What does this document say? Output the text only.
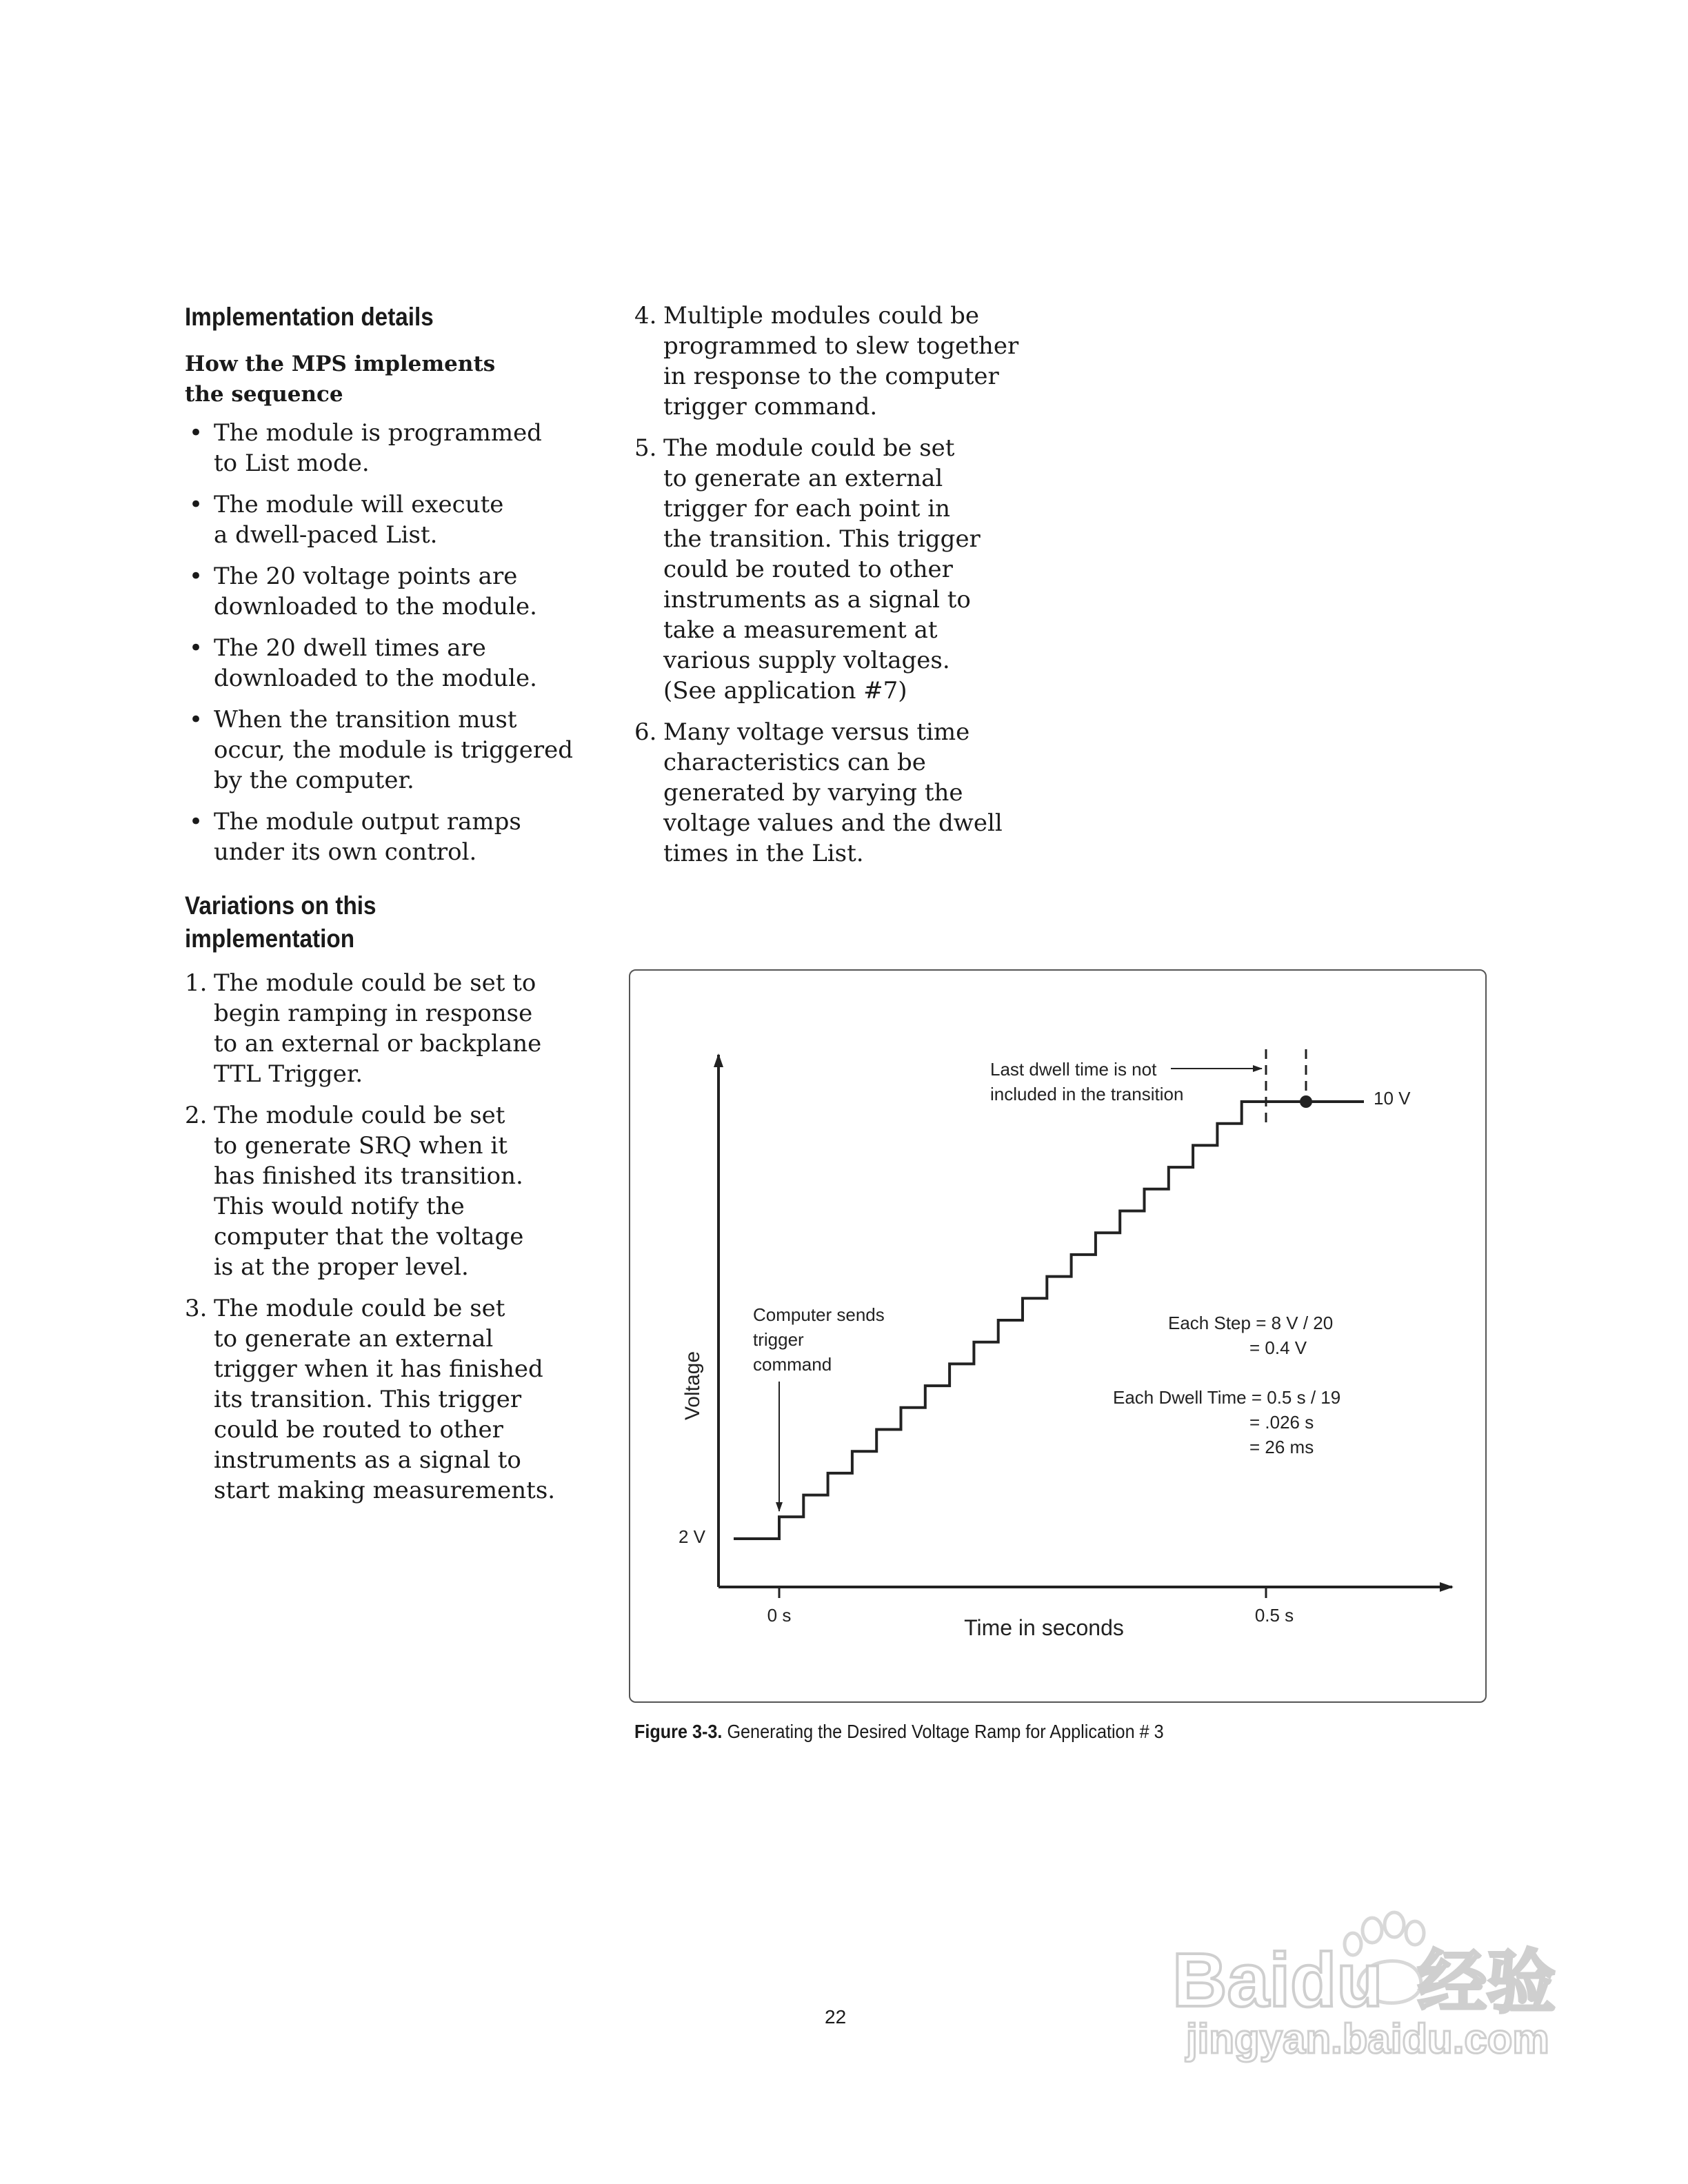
Implementation details
How the MPS implements
the sequence
• The module is programmed
to List mode.
• The module will execute
a dwell-paced List.
• The 20 voltage points are
downloaded to the module.
• The 20 dwell times are
downloaded to the module.
• When the transition must
occur, the module is triggered
by the computer.
• The module output ramps
under its own control.
Variations on this
implementation
1. The module could be set to
begin ramping in response
to an external or backplane
TTL Trigger.
2. The module could be set
to generate SRQ when it
has finished its transition.
This would notify the
computer that the voltage
is at the proper level.
3. The module could be set
to generate an external
trigger when it has finished
its transition. This trigger
could be routed to other
instruments as a signal to
start making measurements.
4. Multiple modules could be
programmed to slew together
in response to the computer
trigger command.
5. The module could be set
to generate an external
trigger for each point in
the transition. This trigger
could be routed to other
instruments as a signal to
take a measurement at
various supply voltages.
(See application #7)
6. Many voltage versus time
characteristics can be
generated by varying the
voltage values and the dwell
times in the List.
Voltage
Time in seconds
2 V
10 V
0 s	0.5 s
Computer sends trigger command
Last dwell time is not included in the transition
Each Step = 8 V / 20 = 0.4 V
Each Dwell Time = 0.5 s / 19 = .026 s = 26 ms
Figure 3-3. Generating the Desired Voltage Ramp for Application # 3
22	Baidu 经验
jingyan.baidu.com
